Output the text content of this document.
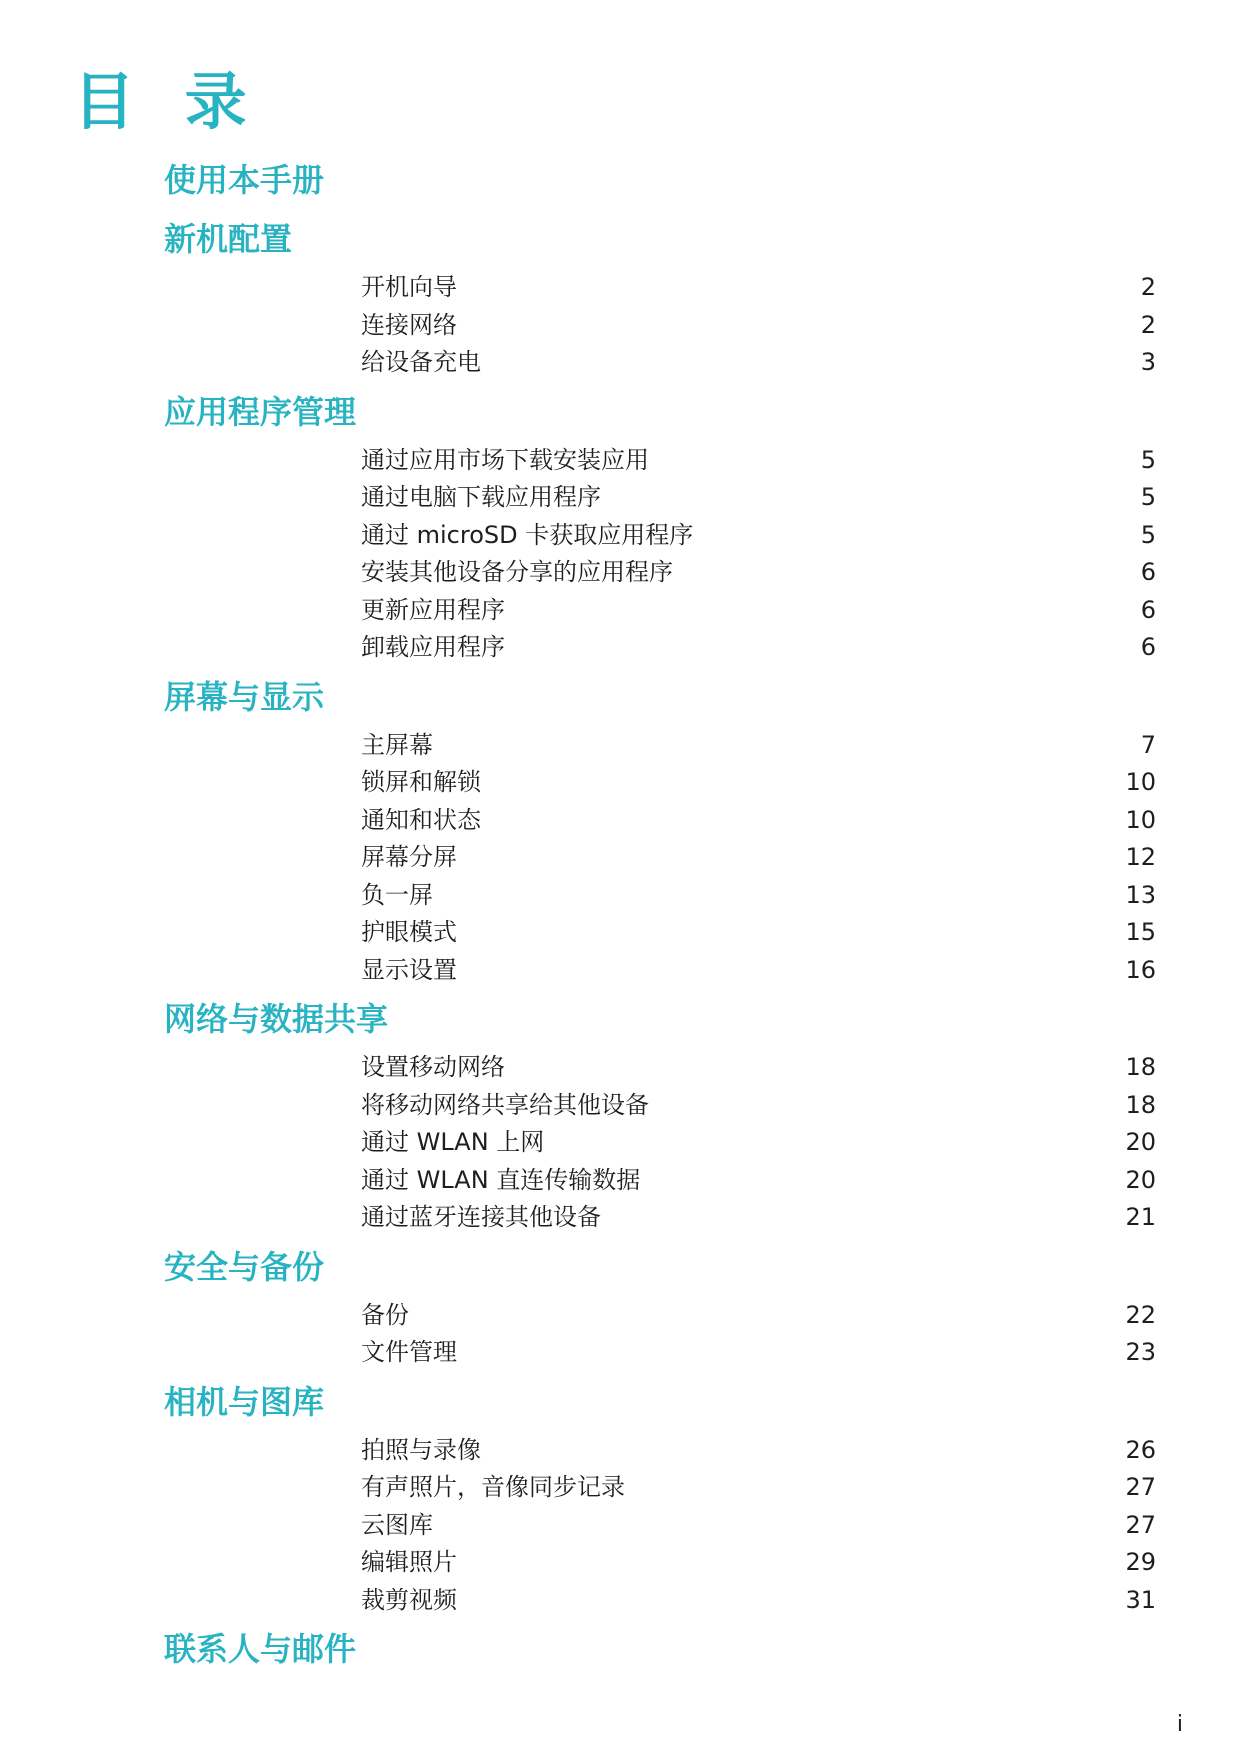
目 录
使用本手册
新机配置
开机向导	2
连接网络	2
给设备充电	3
应用程序管理
通过应用市场下载安装应用	5
通过电脑下载应用程序	5
通过 microSD 卡获取应用程序	5
安装其他设备分享的应用程序	6
更新应用程序	6
卸载应用程序	6
屏幕与显示
主屏幕	7
锁屏和解锁	10
通知和状态	10
屏幕分屏	12
负一屏	13
护眼模式	15
显示设置	16
网络与数据共享
设置移动网络	18
将移动网络共享给其他设备	18
通过 WLAN 上网	20
通过 WLAN 直连传输数据	20
通过蓝牙连接其他设备	21
安全与备份
备份	22
文件管理	23
相机与图库
拍照与录像	26
有声照片，音像同步记录	27
云图库	27
编辑照片	29
裁剪视频	31
联系人与邮件
i
